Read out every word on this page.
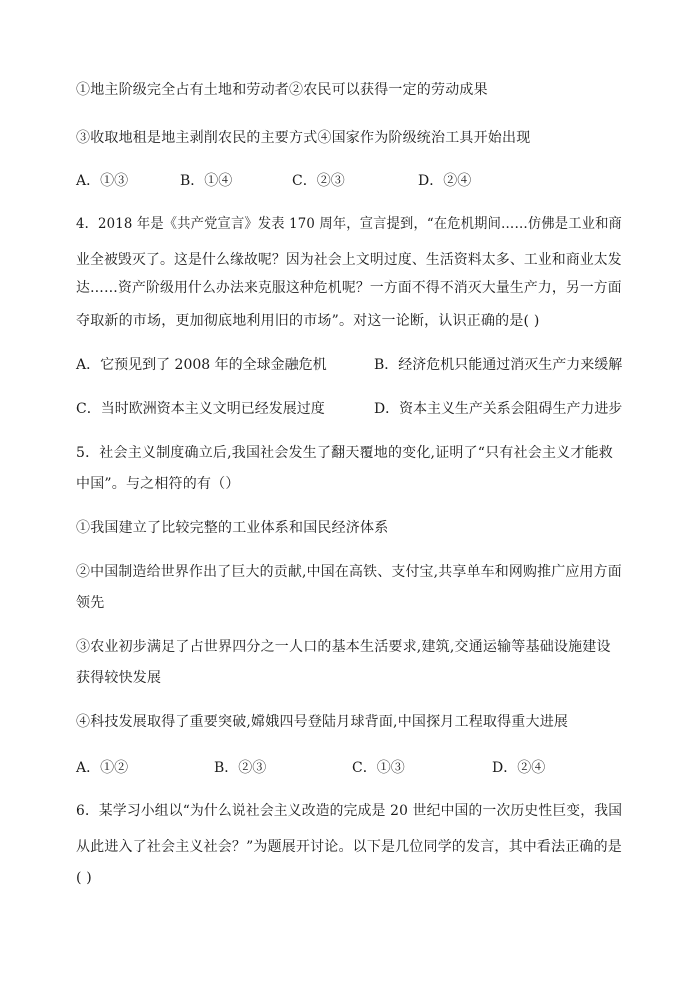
①地主阶级完全占有土地和劳动者②农民可以获得一定的劳动成果
③收取地租是地主剥削农民的主要方式④国家作为阶级统治工具开始出现
A．①③	B．①④	C．②③	D．②④
4．2018 年是《共产党宣言》发表 170 周年，宣言提到，“在危机期间……仿佛是工业和商
业全被毁灭了。这是什么缘故呢？因为社会上文明过度、生活资料太多、工业和商业太发
达……资产阶级用什么办法来克服这种危机呢？一方面不得不消灭大量生产力，另一方面
夺取新的市场，更加彻底地利用旧的市场”。对这一论断，认识正确的是( )
A．它预见到了 2008 年的全球金融危机	B．经济危机只能通过消灭生产力来缓解
C．当时欧洲资本主义文明已经发展过度	D．资本主义生产关系会阻碍生产力进步
5．社会主义制度确立后,我国社会发生了翻天覆地的变化,证明了“只有社会主义才能救
中国”。与之相符的有（）
①我国建立了比较完整的工业体系和国民经济体系
②中国制造给世界作出了巨大的贡献,中国在高铁、支付宝,共享单车和网购推广应用方面
领先
③农业初步满足了占世界四分之一人口的基本生活要求,建筑,交通运输等基础设施建设
获得较快发展
④科技发展取得了重要突破,嫦娥四号登陆月球背面,中国探月工程取得重大进展
A．①②	B．②③	C．①③	D．②④
6．某学习小组以“为什么说社会主义改造的完成是 20 世纪中国的一次历史性巨变，我国
从此进入了社会主义社会？”为题展开讨论。以下是几位同学的发言，其中看法正确的是
( )
